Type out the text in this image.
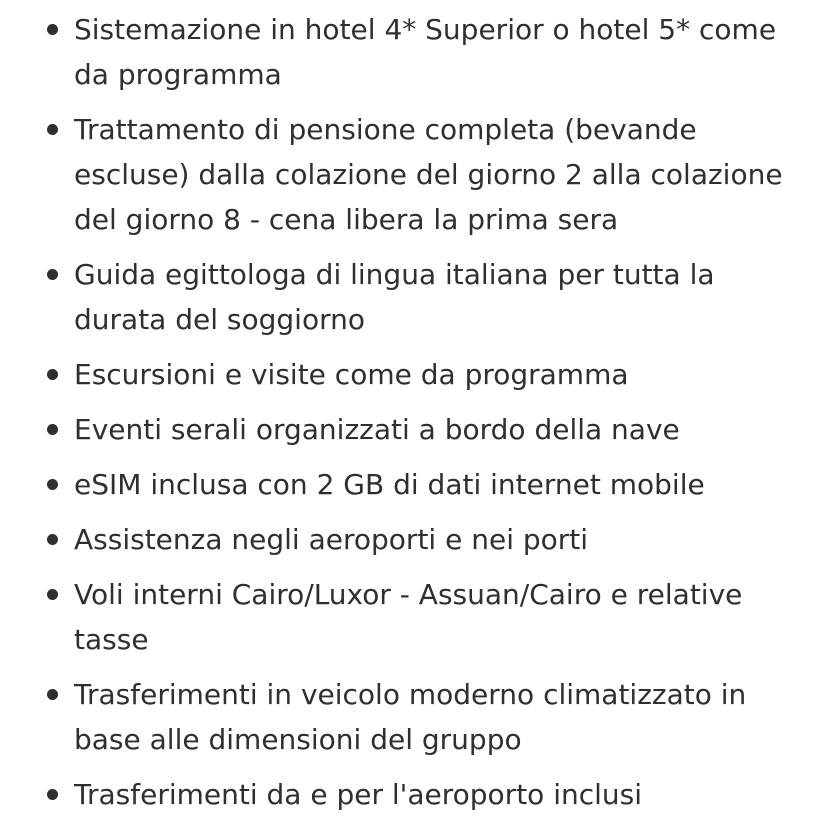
Sistemazione in hotel 4* Superior o hotel 5* come da programma
Trattamento di pensione completa (bevande escluse) dalla colazione del giorno 2 alla colazione del giorno 8 - cena libera la prima sera
Guida egittologa di lingua italiana per tutta la durata del soggiorno
Escursioni e visite come da programma
Eventi serali organizzati a bordo della nave
eSIM inclusa con 2 GB di dati internet mobile
Assistenza negli aeroporti e nei porti
Voli interni Cairo/Luxor - Assuan/Cairo e relative tasse
Trasferimenti in veicolo moderno climatizzato in base alle dimensioni del gruppo
Trasferimenti da e per l'aeroporto inclusi
